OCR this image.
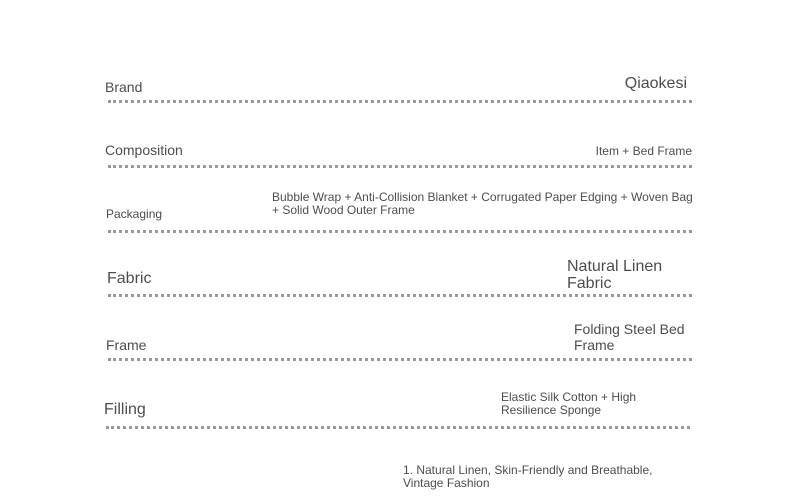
Brand	Qiaokesi
Composition	Item + Bed Frame
Packaging
Bubble Wrap + Anti-Collision Blanket + Corrugated Paper Edging + Woven Bag + Solid Wood Outer Frame
Fabric
Natural Linen Fabric
Frame
Folding Steel Bed Frame
Filling
Elastic Silk Cotton + High Resilience Sponge
1. Natural Linen, Skin-Friendly and Breathable, Vintage Fashion
